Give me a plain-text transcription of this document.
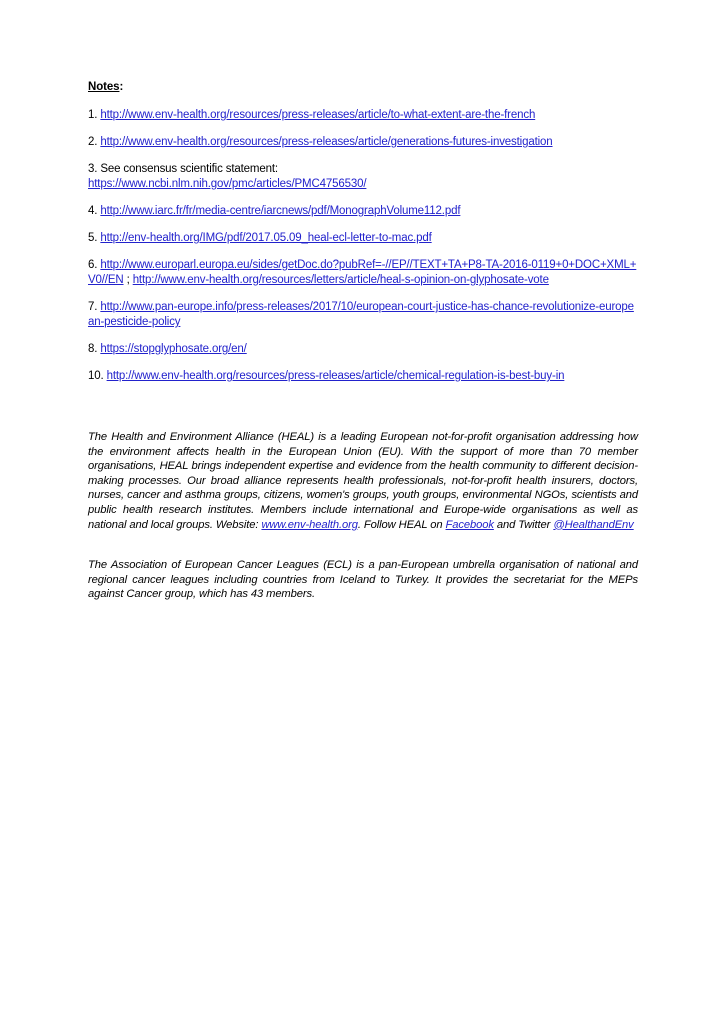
Notes:

1. http://www.env-health.org/resources/press-releases/article/to-what-extent-are-the-french

2. http://www.env-health.org/resources/press-releases/article/generations-futures-investigation

3. See consensus scientific statement:
https://www.ncbi.nlm.nih.gov/pmc/articles/PMC4756530/

4. http://www.iarc.fr/fr/media-centre/iarcnews/pdf/MonographVolume112.pdf

5. http://env-health.org/IMG/pdf/2017.05.09_heal-ecl-letter-to-mac.pdf

6. http://www.europarl.europa.eu/sides/getDoc.do?pubRef=-//EP//TEXT+TA+P8-TA-2016-0119+0+DOC+XML+V0//EN ; http://www.env-health.org/resources/letters/article/heal-s-opinion-on-glyphosate-vote

7. http://www.pan-europe.info/press-releases/2017/10/european-court-justice-has-chance-revolutionize-european-pesticide-policy

8. https://stopglyphosate.org/en/

10. http://www.env-health.org/resources/press-releases/article/chemical-regulation-is-best-buy-in

The Health and Environment Alliance (HEAL) is a leading European not-for-profit organisation addressing how the environment affects health in the European Union (EU). With the support of more than 70 member organisations, HEAL brings independent expertise and evidence from the health community to different decision-making processes. Our broad alliance represents health professionals, not-for-profit health insurers, doctors, nurses, cancer and asthma groups, citizens, women's groups, youth groups, environmental NGOs, scientists and public health research institutes. Members include international and Europe-wide organisations as well as national and local groups. Website: www.env-health.org. Follow HEAL on Facebook and Twitter @HealthandEnv

The Association of European Cancer Leagues (ECL) is a pan-European umbrella organisation of national and regional cancer leagues including countries from Iceland to Turkey. It provides the secretariat for the MEPs against Cancer group, which has 43 members.
